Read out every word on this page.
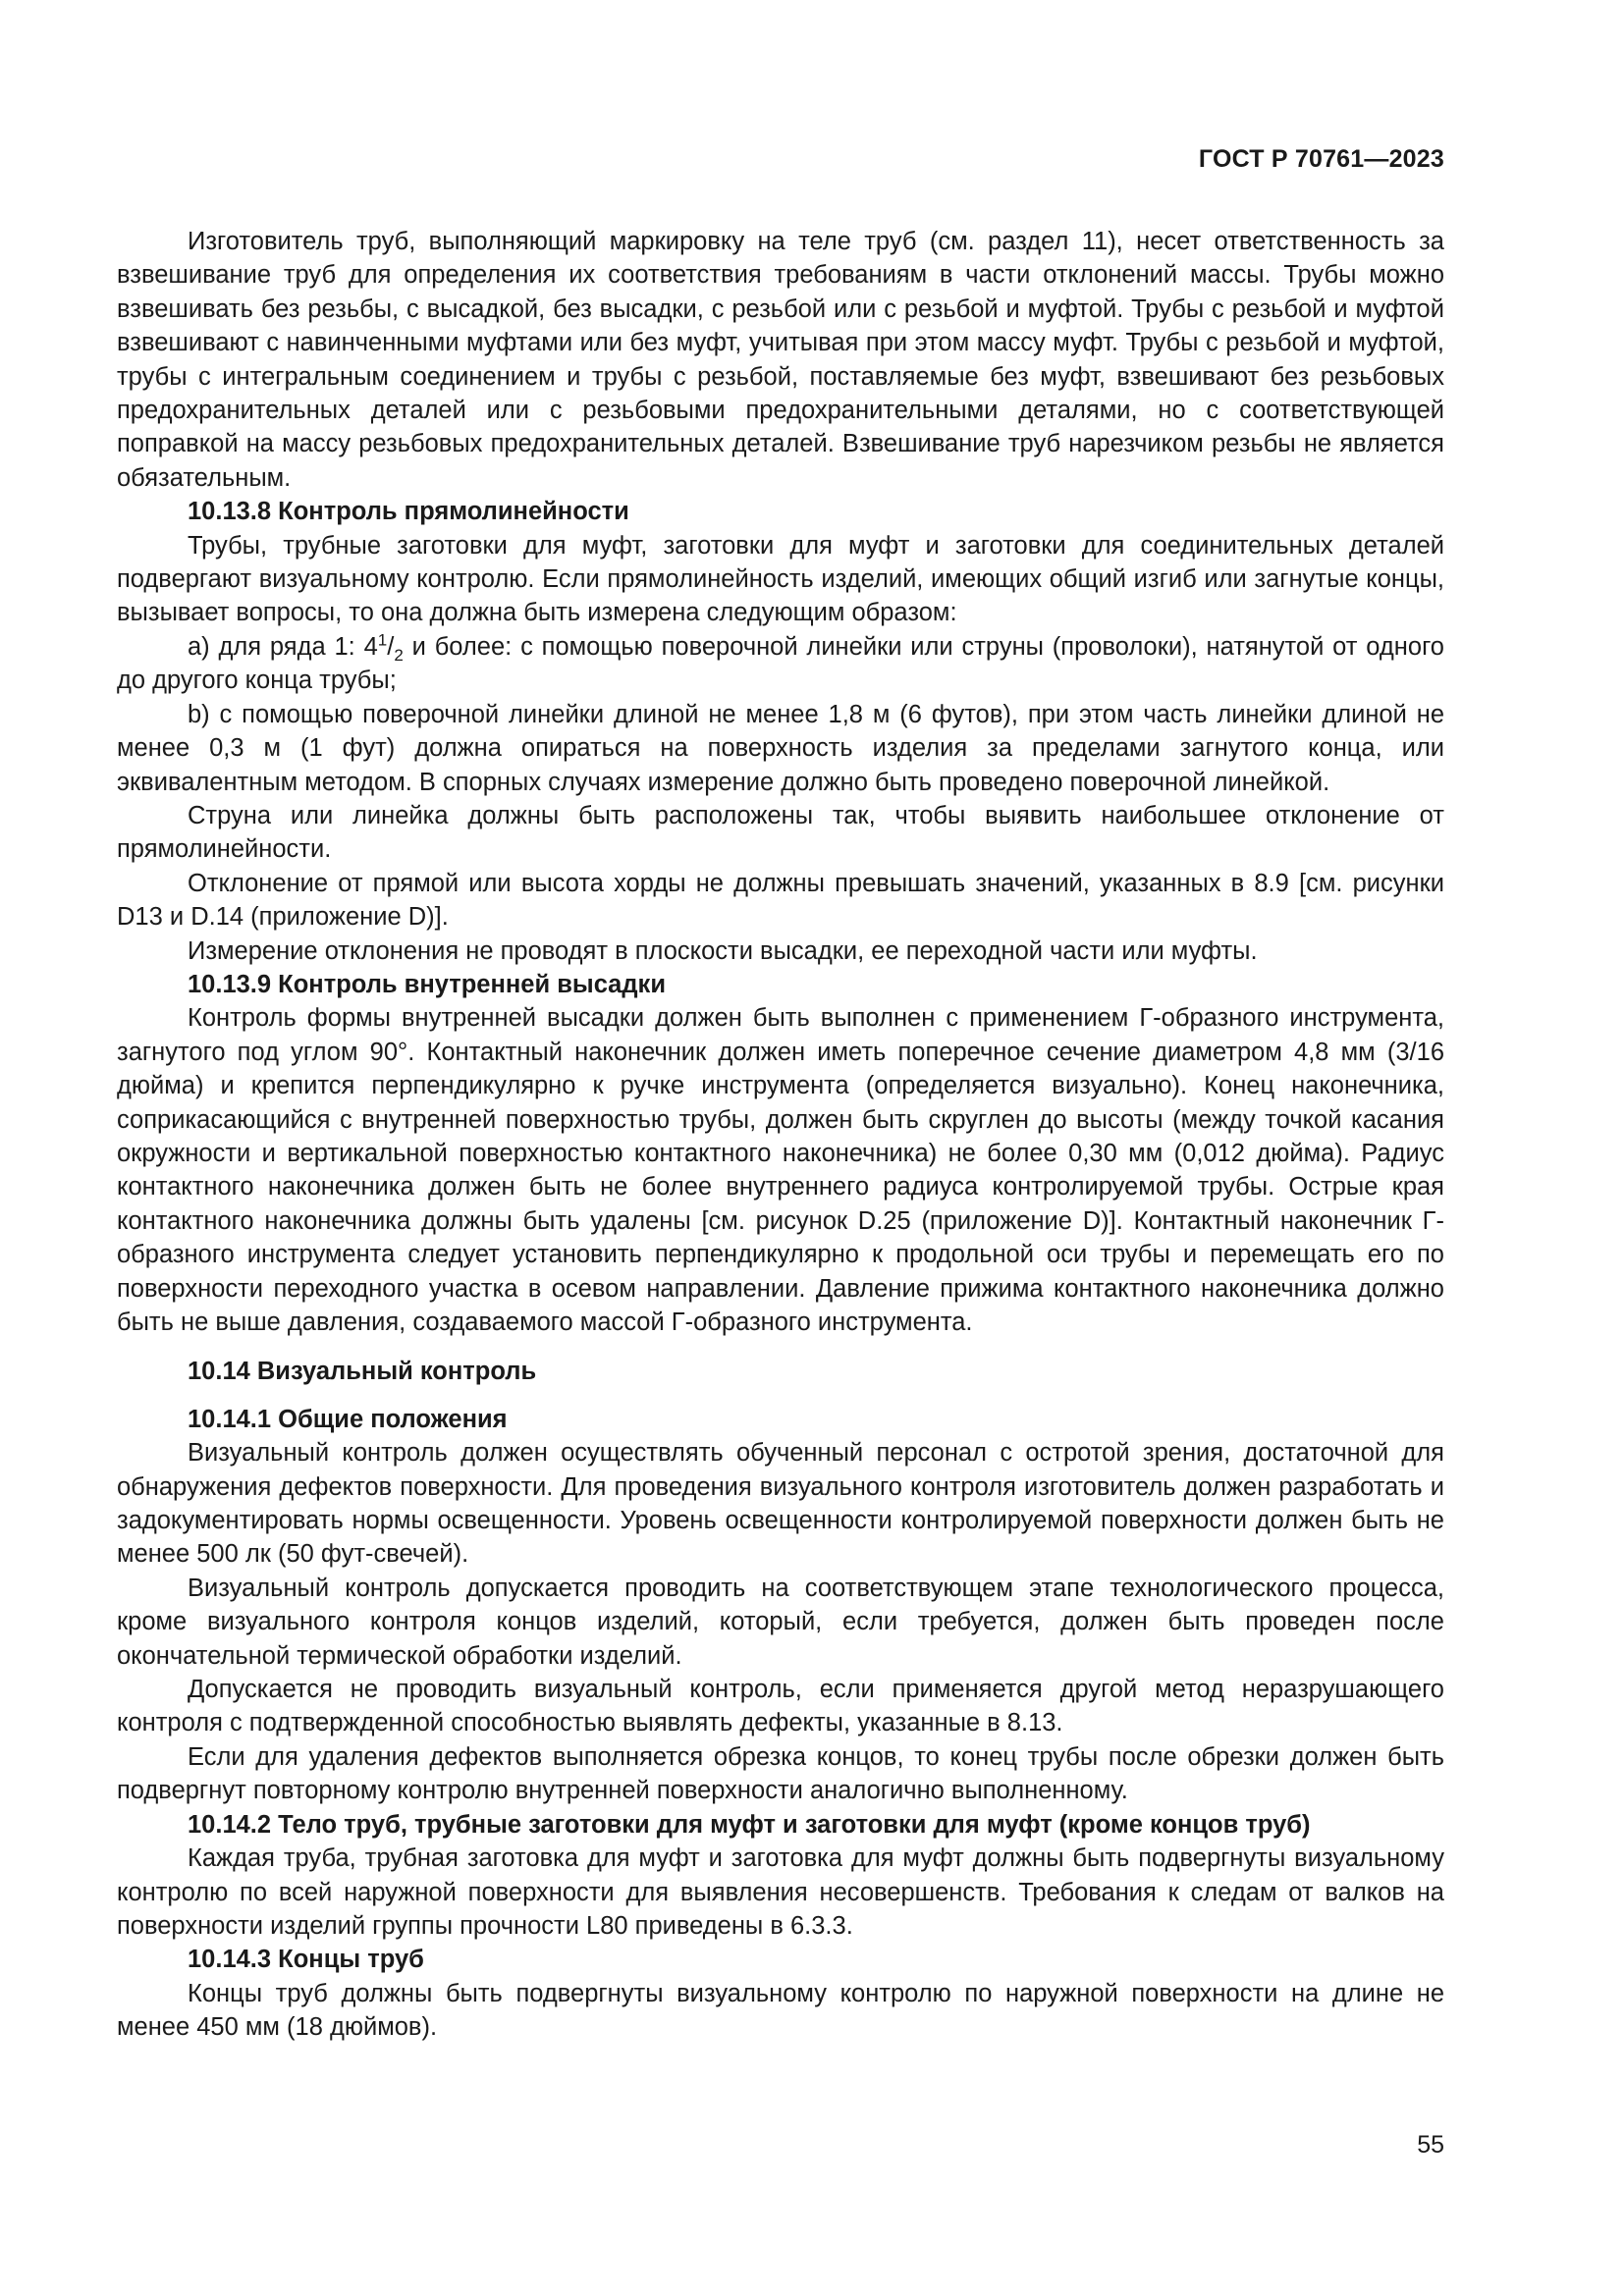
ГОСТ Р 70761—2023

Изготовитель труб, выполняющий маркировку на теле труб (см. раздел 11), несет ответственность за взвешивание труб для определения их соответствия требованиям в части отклонений массы. Трубы можно взвешивать без резьбы, с высадкой, без высадки, с резьбой или с резьбой и муфтой. Трубы с резьбой и муфтой взвешивают с навинченными муфтами или без муфт, учитывая при этом массу муфт. Трубы с резьбой и муфтой, трубы с интегральным соединением и трубы с резьбой, поставляемые без муфт, взвешивают без резьбовых предохранительных деталей или с резьбовыми предохранительными деталями, но с соответствующей поправкой на массу резьбовых предохранительных деталей. Взвешивание труб нарезчиком резьбы не является обязательным.

10.13.8 Контроль прямолинейности

Трубы, трубные заготовки для муфт, заготовки для муфт и заготовки для соединительных деталей подвергают визуальному контролю. Если прямолинейность изделий, имеющих общий изгиб или загнутые концы, вызывает вопросы, то она должна быть измерена следующим образом:

a) для ряда 1: $4^1/_2$ и более: с помощью поверочной линейки или струны (проволоки), натянутой от одного до другого конца трубы;

b) с помощью поверочной линейки длиной не менее 1,8 м (6 футов), при этом часть линейки длиной не менее 0,3 м (1 фут) должна опираться на поверхность изделия за пределами загнутого конца, или эквивалентным методом. В спорных случаях измерение должно быть проведено поверочной линейкой.

Струна или линейка должны быть расположены так, чтобы выявить наибольшее отклонение от прямолинейности.

Отклонение от прямой или высота хорды не должны превышать значений, указанных в 8.9 [см. рисунки D13 и D.14 (приложение D)].

Измерение отклонения не проводят в плоскости высадки, ее переходной части или муфты.

10.13.9 Контроль внутренней высадки

Контроль формы внутренней высадки должен быть выполнен с применением Г-образного инструмента, загнутого под углом 90°. Контактный наконечник должен иметь поперечное сечение диаметром 4,8 мм (3/16 дюйма) и крепится перпендикулярно к ручке инструмента (определяется визуально). Конец наконечника, соприкасающийся с внутренней поверхностью трубы, должен быть скруглен до высоты (между точкой касания окружности и вертикальной поверхностью контактного наконечника) не более 0,30 мм (0,012 дюйма). Радиус контактного наконечника должен быть не более внутреннего радиуса контролируемой трубы. Острые края контактного наконечника должны быть удалены [см. рисунок D.25 (приложение D)]. Контактный наконечник Г-образного инструмента следует установить перпендикулярно к продольной оси трубы и перемещать его по поверхности переходного участка в осевом направлении. Давление прижима контактного наконечника должно быть не выше давления, создаваемого массой Г-образного инструмента.

10.14 Визуальный контроль

10.14.1 Общие положения

Визуальный контроль должен осуществлять обученный персонал с остротой зрения, достаточной для обнаружения дефектов поверхности. Для проведения визуального контроля изготовитель должен разработать и задокументировать нормы освещенности. Уровень освещенности контролируемой поверхности должен быть не менее 500 лк (50 фут-свечей).

Визуальный контроль допускается проводить на соответствующем этапе технологического процесса, кроме визуального контроля концов изделий, который, если требуется, должен быть проведен после окончательной термической обработки изделий.

Допускается не проводить визуальный контроль, если применяется другой метод неразрушающего контроля с подтвержденной способностью выявлять дефекты, указанные в 8.13.

Если для удаления дефектов выполняется обрезка концов, то конец трубы после обрезки должен быть подвергнут повторному контролю внутренней поверхности аналогично выполненному.

10.14.2 Тело труб, трубные заготовки для муфт и заготовки для муфт (кроме концов труб)

Каждая труба, трубная заготовка для муфт и заготовка для муфт должны быть подвергнуты визуальному контролю по всей наружной поверхности для выявления несовершенств. Требования к следам от валков на поверхности изделий группы прочности L80 приведены в 6.3.3.

10.14.3 Концы труб

Концы труб должны быть подвергнуты визуальному контролю по наружной поверхности на длине не менее 450 мм (18 дюймов).

55
